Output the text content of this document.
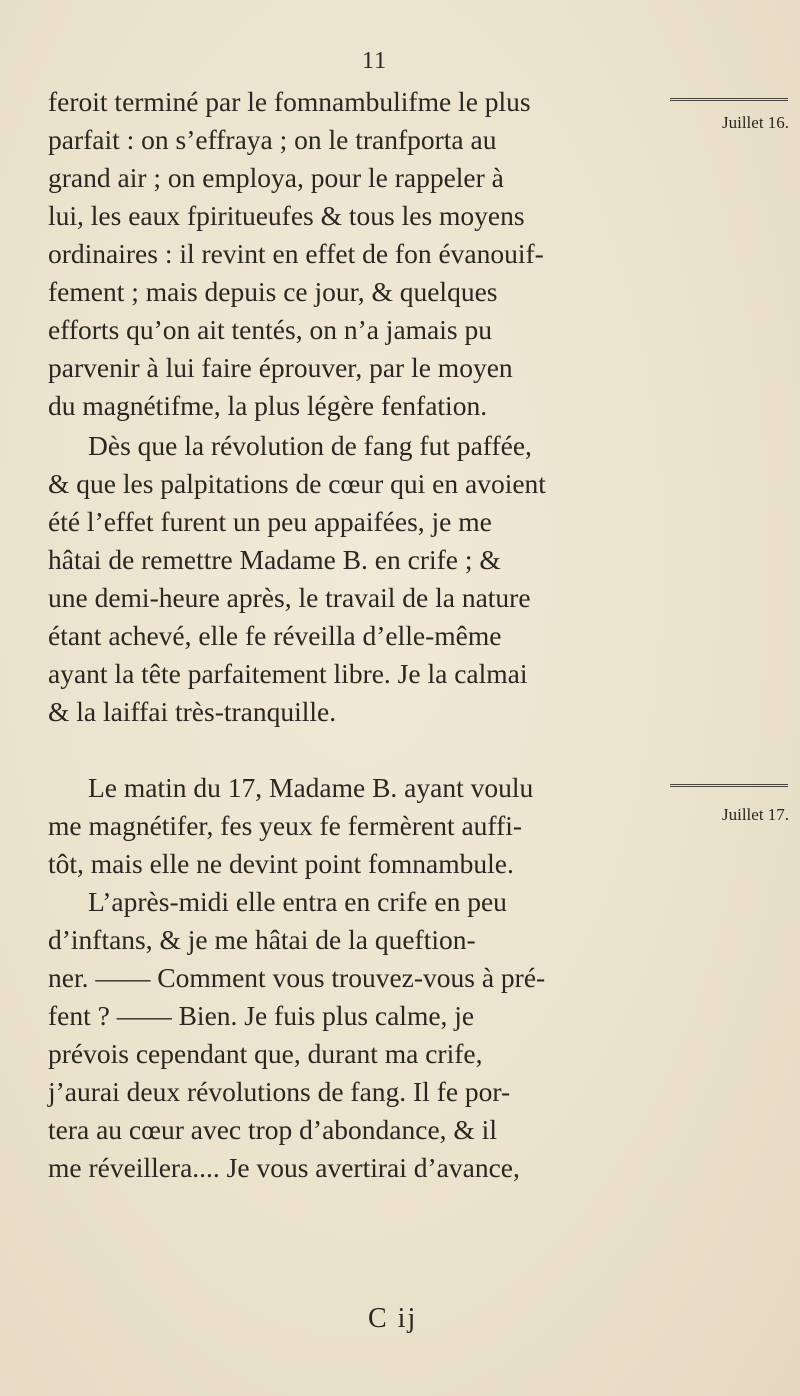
11
feroit terminé par le fomnambulifme le plus
parfait : on s’effraya ; on le tranfporta au
grand air ; on employa, pour le rappeler à
lui, les eaux fpiritueufes & tous les moyens
ordinaires : il revint en effet de fon évanouif-
fement ; mais depuis ce jour, & quelques
efforts qu’on ait tentés, on n’a jamais pu
parvenir à lui faire éprouver, par le moyen
du magnétifme, la plus légère fenfation.
Dès que la révolution de fang fut paffée,
& que les palpitations de cœur qui en avoient
été l’effet furent un peu appaifées, je me
hâtai de remettre Madame B. en crife ; &
une demi-heure après, le travail de la nature
étant achevé, elle fe réveilla d’elle-même
ayant la tête parfaitement libre. Je la calmai
& la laiffai très-tranquille.
Le matin du 17, Madame B. ayant voulu
me magnétifer, fes yeux fe fermèrent auffi-
tôt, mais elle ne devint point fomnambule.
L’après-midi elle entra en crife en peu
d’inftans, & je me hâtai de la queftion-
ner. —— Comment vous trouvez-vous à pré-
fent ? —— Bien. Je fuis plus calme, je
prévois cependant que, durant ma crife,
j’aurai deux révolutions de fang. Il fe por-
tera au cœur avec trop d’abondance, & il
me réveillera.... Je vous avertirai d’avance,
Juillet 16.
Juillet 17.
C ij
